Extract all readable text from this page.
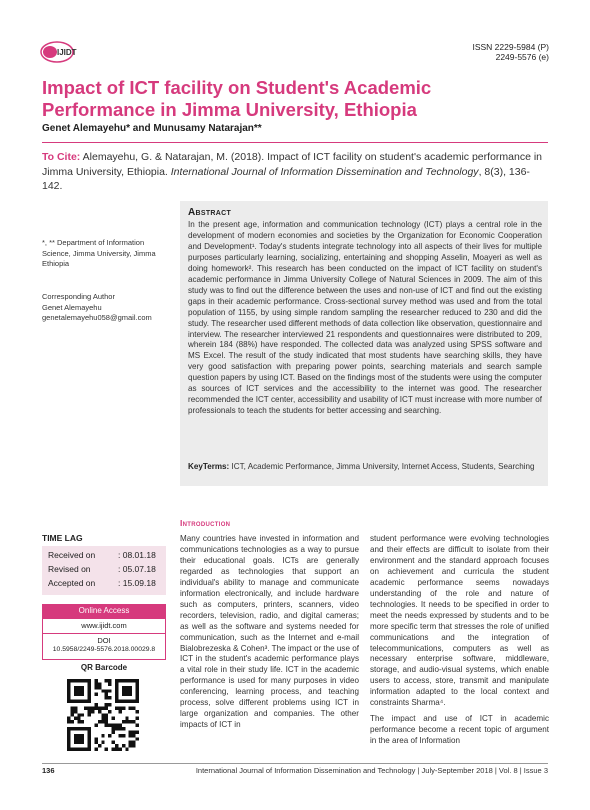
IJIDT
ISSN 2229-5984 (P)
2249-5576 (e)
Impact of ICT facility on Student's Academic Performance in Jimma University, Ethiopia
Genet Alemayehu* and Munusamy Natarajan**
To Cite: Alemayehu, G. & Natarajan, M. (2018). Impact of ICT facility on student's academic performance in Jimma University, Ethiopia. International Journal of Information Dissemination and Technology, 8(3), 136-142.
*, ** Department of Information Science, Jimma University, Jimma Ethiopia
Corresponding Author
Genet Alemayehu
genetalemayehu058@gmail.com
Abstract
In the present age, information and communication technology (ICT) plays a central role in the development of modern economies and societies by the Organization for Economic Cooperation and Development¹. Today's students integrate technology into all aspects of their lives for multiple purposes particularly learning, socializing, entertaining and shopping Asselin, Moayeri as well as doing homework². This research has been conducted on the impact of ICT facility on student's academic performance in Jimma University College of Natural Sciences in 2009. The aim of this study was to find out the difference between the uses and non-use of ICT and find out the existing gaps in their academic performance. Cross-sectional survey method was used and from the total population of 1155, by using simple random sampling the researcher reduced to 230 and did the study. The researcher used different methods of data collection like observation, questionnaire and interview. The researcher interviewed 21 respondents and questionnaires were distributed to 209, wherein 184 (88%) have responded. The collected data was analyzed using SPSS software and MS Excel. The result of the study indicated that most students have searching skills, they have very good satisfaction with preparing power points, searching materials and search sample question papers by using ICT. Based on the findings most of the students were using the computer as sources of ICT services and the accessibility to the internet was good. The researcher recommended the ICT center, accessibility and usability of ICT must increase with more number of professionals to teach the students for better accessing and searching.
KeyTerms: ICT, Academic Performance, Jimma University, Internet Access, Students, Searching
TIME LAG
Received on	: 08.01.18
Revised on	: 05.07.18
Accepted on	: 15.09.18
Online Access
www.ijidt.com
DOI
10.5958/2249-5576.2018.00029.8
QR Barcode
Introduction
Many countries have invested in information and communications technologies as a way to pursue their educational goals. ICTs are generally regarded as technologies that support an individual's ability to manage and communicate information electronically, and include hardware such as computers, printers, scanners, video recorders, television, radio, and digital cameras; as well as the software and systems needed for communication, such as the Internet and e-mail Bialobrezeska & Cohen³. The impact or the use of ICT in the student's academic performance plays a vital role in their study life. ICT in the academic performance is used for many purposes in video conferencing, learning process, and teaching process, solve different problems using ICT in large organization and companies. The other impacts of ICT in

student performance were evolving technologies and their effects are difficult to isolate from their environment and the standard approach focuses on achievement and curricula the student academic performance seems nowadays understanding of the role and nature of technologies. It needs to be specified in order to meet the needs expressed by students and to be more specific term that stresses the role of unified communications and the integration of telecommunications, computers as well as necessary enterprise software, middleware, storage, and audio-visual systems, which enable users to access, store, transmit and manipulate information adapted to the local context and constraints Sharma⁴.

The impact and use of ICT in academic performance become a recent topic of argument in the area of Information

136	International Journal of Information Dissemination and Technology | July-September 2018 | Vol. 8 | Issue 3
